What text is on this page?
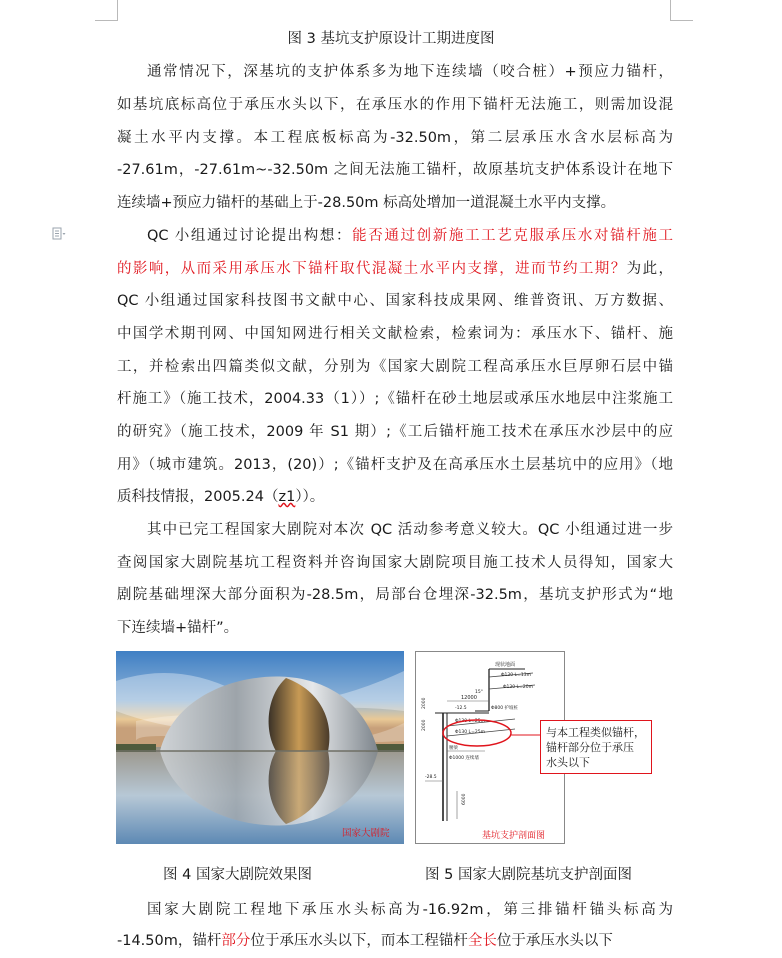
图 3 基坑支护原设计工期进度图
通常情况下，深基坑的支护体系多为地下连续墙（咬合桩）+预应力锚杆，
如基坑底标高位于承压水头以下，在承压水的作用下锚杆无法施工，则需加设混
凝土水平内支撑。本工程底板标高为-32.50m，第二层承压水含水层标高为
-27.61m，-27.61m~-32.50m 之间无法施工锚杆，故原基坑支护体系设计在地下
连续墙+预应力锚杆的基础上于-28.50m 标高处增加一道混凝土水平内支撑。
QC 小组通过讨论提出构想：能否通过创新施工工艺克服承压水对锚杆施工
的影响，从而采用承压水下锚杆取代混凝土水平内支撑，进而节约工期？为此，
QC 小组通过国家科技图书文献中心、国家科技成果网、维普资讯、万方数据、
中国学术期刊网、中国知网进行相关文献检索，检索词为：承压水下、锚杆、施
工，并检索出四篇类似文献，分别为《国家大剧院工程高承压水巨厚卵石层中锚
杆施工》（施工技术，2004.33（1））;《锚杆在砂土地层或承压水地层中注浆施工
的研究》（施工技术，2009 年 S1 期）;《工后锚杆施工技术在承压水沙层中的应
用》（城市建筑。2013，(20)）;《锚杆支护及在高承压水土层基坑中的应用》（地
质科技情报，2005.24（z1））。
其中已完工程国家大剧院对本次 QC 活动参考意义较大。QC 小组通过进一步
查阅国家大剧院基坑工程资料并咨询国家大剧院项目施工技术人员得知，国家大
剧院基础埋深大部分面积为-28.5m，局部台仓埋深-32.5m，基坑支护形式为“地
下连续墙+锚杆”。
国家大剧院
现状地面
12000
Φ130 L=13m
Φ130 L=20m
15°
-12.5	Φ800 护坡桩
Φ130 L=25m
Φ130 L=25m
2000
2000
腰梁
Φ1000 连续墙
-28.5
6000
基坑支护剖面图
与本工程类似锚杆，
锚杆部分位于承压
水头以下
图 4 国家大剧院效果图	图 5 国家大剧院基坑支护剖面图
国家大剧院工程地下承压水头标高为-16.92m，第三排锚杆锚头标高为
-14.50m，锚杆部分位于承压水头以下，而本工程锚杆全长位于承压水头以下
